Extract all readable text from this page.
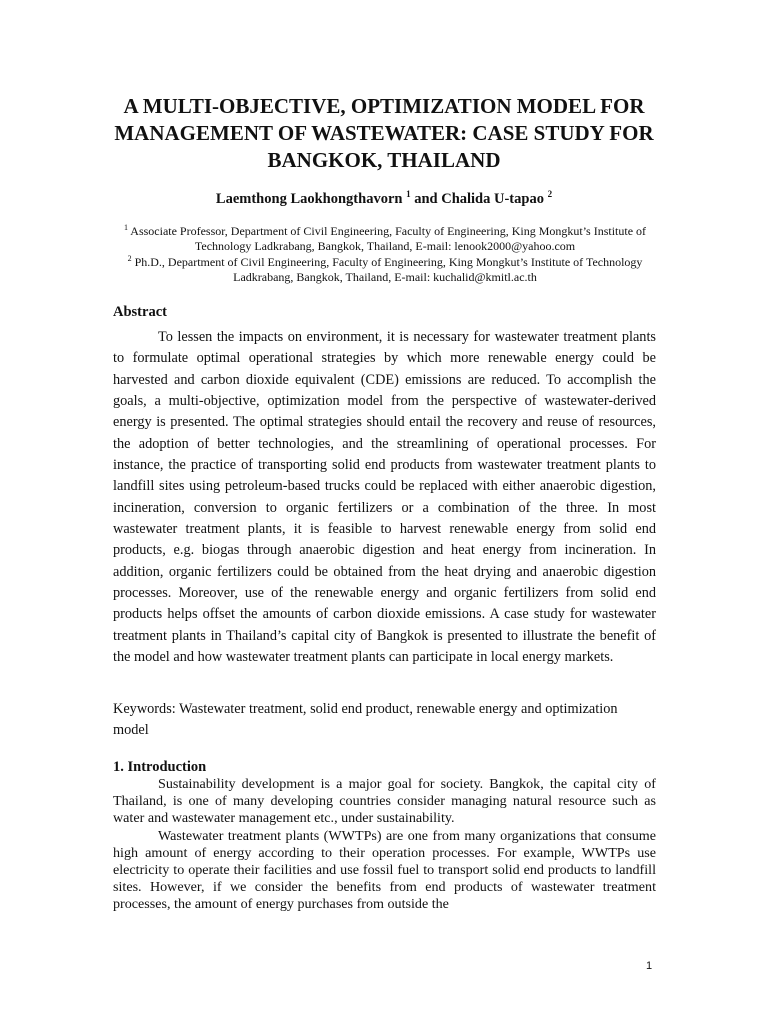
A MULTI-OBJECTIVE, OPTIMIZATION MODEL FOR MANAGEMENT OF WASTEWATER: CASE STUDY FOR BANGKOK, THAILAND
Laemthong Laokhongthavorn $^1$ and Chalida U-tapao $^2$
$^1$ Associate Professor, Department of Civil Engineering, Faculty of Engineering, King Mongkut’s Institute of Technology Ladkrabang, Bangkok, Thailand, E-mail: lenook2000@yahoo.com
$^2$ Ph.D., Department of Civil Engineering, Faculty of Engineering, King Mongkut’s Institute of Technology Ladkrabang, Bangkok, Thailand, E-mail: kuchalid@kmitl.ac.th
Abstract

To lessen the impacts on environment, it is necessary for wastewater treatment plants to formulate optimal operational strategies by which more renewable energy could be harvested and carbon dioxide equivalent (CDE) emissions are reduced. To accomplish the goals, a multi-objective, optimization model from the perspective of wastewater-derived energy is presented. The optimal strategies should entail the recovery and reuse of resources, the adoption of better technologies, and the streamlining of operational processes. For instance, the practice of transporting solid end products from wastewater treatment plants to landfill sites using petroleum-based trucks could be replaced with either anaerobic digestion, incineration, conversion to organic fertilizers or a combination of the three. In most wastewater treatment plants, it is feasible to harvest renewable energy from solid end products, e.g. biogas through anaerobic digestion and heat energy from incineration. In addition, organic fertilizers could be obtained from the heat drying and anaerobic digestion processes. Moreover, use of the renewable energy and organic fertilizers from solid end products helps offset the amounts of carbon dioxide emissions. A case study for wastewater treatment plants in Thailand’s capital city of Bangkok is presented to illustrate the benefit of the model and how wastewater treatment plants can participate in local energy markets.

Keywords: Wastewater treatment, solid end product, renewable energy and optimization model

1. Introduction

Sustainability development is a major goal for society. Bangkok, the capital city of Thailand, is one of many developing countries consider managing natural resource such as water and wastewater management etc., under sustainability.

Wastewater treatment plants (WWTPs) are one from many organizations that consume high amount of energy according to their operation processes. For example, WWTPs use electricity to operate their facilities and use fossil fuel to transport solid end products to landfill sites. However, if we consider the benefits from end products of wastewater treatment processes, the amount of energy purchases from outside the

1
